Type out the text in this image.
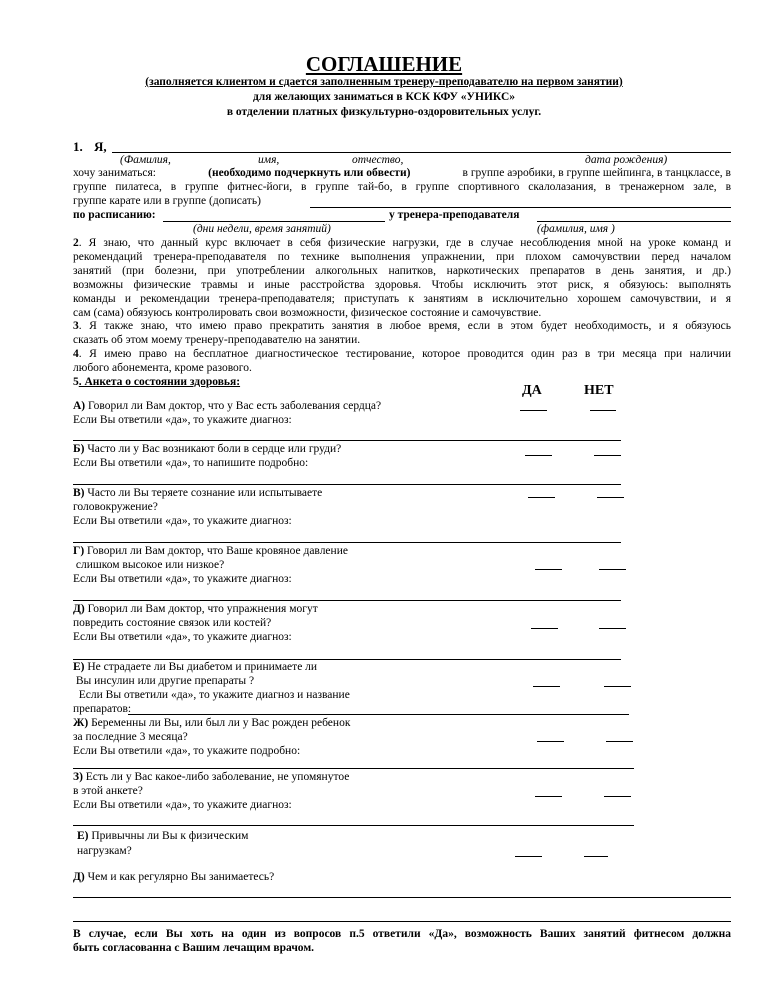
СОГЛАШЕНИЕ
(заполняется клиентом и сдается заполненным тренеру-преподавателю на первом занятии)
для желающих заниматься в КСК КФУ «УНИКС»
в отделении платных физкультурно-оздоровительных услуг.
1. Я,
(Фамилия,	имя,	отчество,	дата рождения)
хочу заниматься:	(необходимо подчеркнуть или обвести)	в группе аэробики, в группе шейпинга, в танцклассе, в
группе пилатеса, в группе фитнес-йоги, в группе тай-бо, в группе спортивного скалолазания, в тренажерном зале, в
группе карате или в группе (дописать)
по расписанию:	у тренера-преподавателя
(дни недели, время занятий)	(фамилия, имя )
2. Я знаю, что данный курс включает в себя физические нагрузки, где в случае несоблюдения мной на уроке команд и
рекомендаций тренера-преподавателя по технике выполнения упражнении, при плохом самочувствии перед началом
занятий (при болезни, при употреблении алкогольных напитков, наркотических препаратов в день занятия, и др.)
возможны физические травмы и иные расстройства здоровья. Чтобы исключить этот риск, я обязуюсь: выполнять
команды и рекомендации тренера-преподавателя; приступать к занятиям в исключительно хорошем самочувствии, и я
сам (сама) обязуюсь контролировать свои возможности, физическое состояние и самочувствие.
3. Я также знаю, что имею право прекратить занятия в любое время, если в этом будет необходимость, и я обязуюсь
сказать об этом моему тренеру-преподавателю на занятии.
4. Я имею право на бесплатное диагностическое тестирование, которое проводится один раз в три месяца при наличии
любого абонемента, кроме разового.
5. Анкета о состоянии здоровья:
ДА	НЕТ
А) Говорил ли Вам доктор, что у Вас есть заболевания сердца?
Если Вы ответили «да», то укажите диагноз:
Б) Часто ли у Вас возникают боли в сердце или груди?
Если Вы ответили «да», то напишите подробно:
В) Часто ли Вы теряете сознание или испытываете
головокружение?
Если Вы ответили «да», то укажите диагноз:
Г) Говорил ли Вам доктор, что Ваше кровяное давление
слишком высокое или низкое?
Если Вы ответили «да», то укажите диагноз:
Д) Говорил ли Вам доктор, что упражнения могут
повредить состояние связок или костей?
Если Вы ответили «да», то укажите диагноз:
Е) Не страдаете ли Вы диабетом и принимаете ли
Вы инсулин или другие препараты ?
Если Вы ответили «да», то укажите диагноз и название
препаратов:
Ж) Беременны ли Вы, или был ли у Вас рожден ребенок
за последние 3 месяца?
Если Вы ответили «да», то укажите подробно:
З) Есть ли у Вас какое-либо заболевание, не упомянутое
в этой анкете?
Если Вы ответили «да», то укажите диагноз:
Е) Привычны ли Вы к физическим
нагрузкам?
Д) Чем и как регулярно Вы занимаетесь?
В случае, если Вы хоть на один из вопросов п.5 ответили «Да», возможность Ваших занятий фитнесом должна
быть согласованна с Вашим лечащим врачом.
